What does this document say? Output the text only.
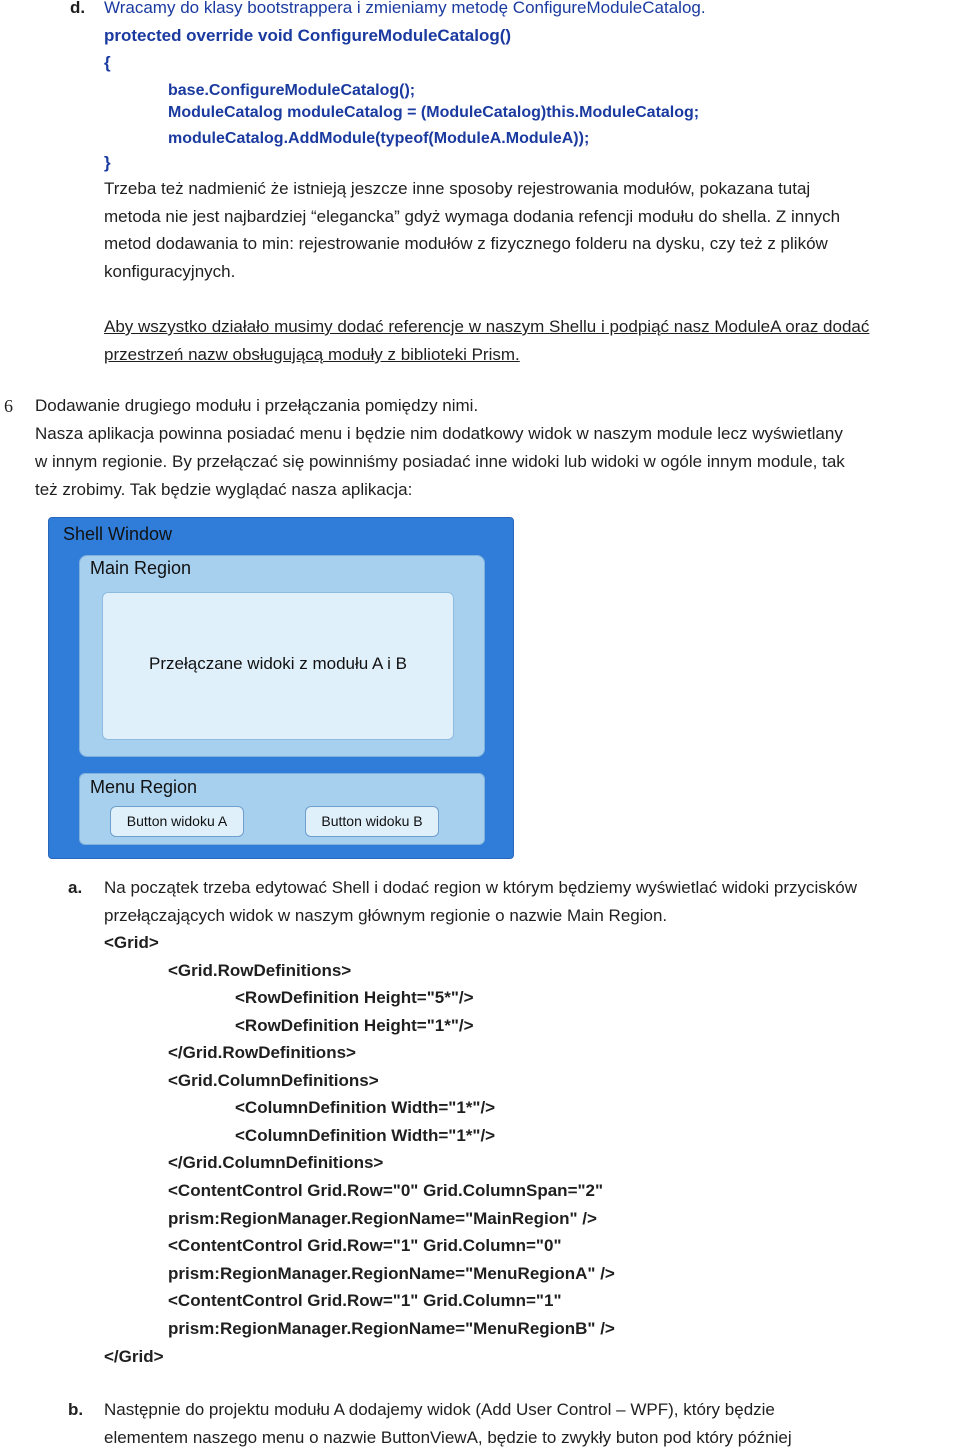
d. Wracamy do klasy bootstrappera i zmieniamy metodę ConfigureModuleCatalog.
protected override void ConfigureModuleCatalog()
{
base.ConfigureModuleCatalog();
ModuleCatalog moduleCatalog = (ModuleCatalog)this.ModuleCatalog;
moduleCatalog.AddModule(typeof(ModuleA.ModuleA));
}
Trzeba też nadmienić że istnieją jeszcze inne sposoby rejestrowania modułów, pokazana tutaj
metoda nie jest najbardziej “elegancka” gdyż wymaga dodania refencji modułu do shella. Z innych
metod dodawania to min: rejestrowanie modułów z fizycznego folderu na dysku, czy też z plików
konfiguracyjnych.
Aby wszystko działało musimy dodać referencje w naszym Shellu i podpiąć nasz ModuleA oraz dodać
przestrzeń nazw obsługującą moduły z biblioteki Prism.
6 Dodawanie drugiego modułu i przełączania pomiędzy nimi.
Nasza aplikacja powinna posiadać menu i będzie nim dodatkowy widok w naszym module lecz wyświetlany
w innym regionie. By przełączać się powinniśmy posiadać inne widoki lub widoki w ogóle innym module, tak
też zrobimy. Tak będzie wyglądać nasza aplikacja:
Shell Window
Main Region
Przełączane widoki z modułu A i B
Menu Region
Button widoku A	Button widoku B
a. Na początek trzeba edytować Shell i dodać region w którym będziemy wyświetlać widoki przycisków
przełączających widok w naszym głównym regionie o nazwie Main Region.
<Grid>
<Grid.RowDefinitions>
<RowDefinition Height="5*"/>
<RowDefinition Height="1*"/>
</Grid.RowDefinitions>
<Grid.ColumnDefinitions>
<ColumnDefinition Width="1*"/>
<ColumnDefinition Width="1*"/>
</Grid.ColumnDefinitions>
<ContentControl Grid.Row="0" Grid.ColumnSpan="2"
prism:RegionManager.RegionName="MainRegion" />
<ContentControl Grid.Row="1" Grid.Column="0"
prism:RegionManager.RegionName="MenuRegionA" />
<ContentControl Grid.Row="1" Grid.Column="1"
prism:RegionManager.RegionName="MenuRegionB" />
</Grid>
b. Następnie do projektu modułu A dodajemy widok (Add User Control – WPF), który będzie
elementem naszego menu o nazwie ButtonViewA, będzie to zwykły buton pod który później
